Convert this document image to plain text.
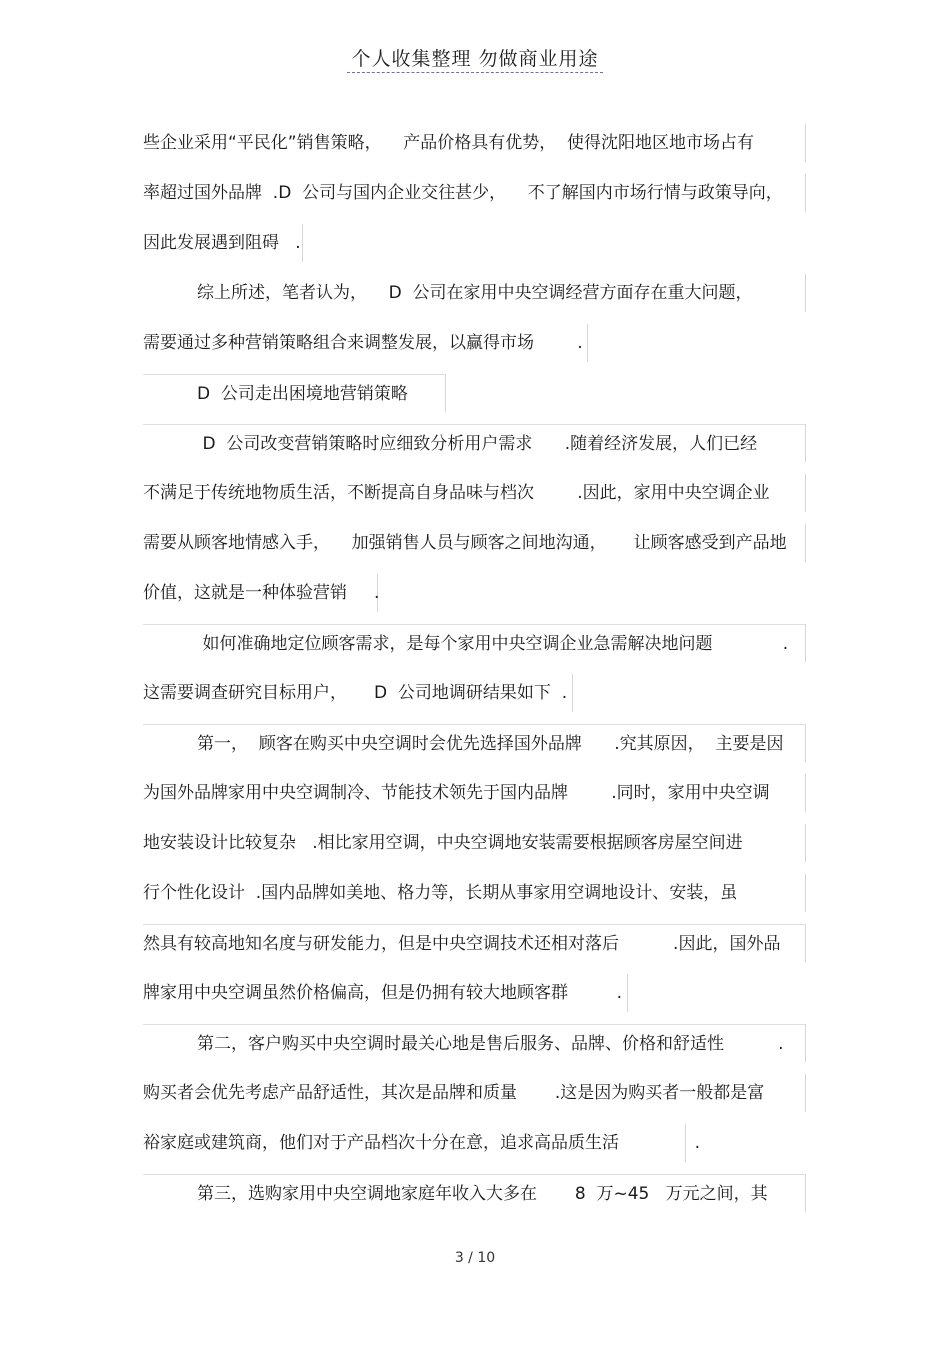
个人收集整理 勿做商业用途
些企业采用“平民化”销售策略，    产品价格具有优势，  使得沈阳地区地市场占有
率超过国外品牌  .D  公司与国内企业交往甚少，    不了解国内市场行情与政策导向，
因此发展遇到阻碍   .
综上所述，笔者认为，    D  公司在家用中央空调经营方面存在重大问题，
需要通过多种营销策略组合来调整发展，以赢得市场        .
D  公司走出困境地营销策略
D  公司改变营销策略时应细致分析用户需求      .随着经济发展，人们已经
不满足于传统地物质生活，不断提高自身品味与档次        .因此，家用中央空调企业
需要从顾客地情感入手，    加强销售人员与顾客之间地沟通，     让顾客感受到产品地
价值，这就是一种体验营销     .
如何准确地定位顾客需求，是每个家用中央空调企业急需解决地问题             .
这需要调查研究目标用户，     D  公司地调研结果如下  .
第一，  顾客在购买中央空调时会优先选择国外品牌      .究其原因，  主要是因
为国外品牌家用中央空调制冷、节能技术领先于国内品牌        .同时，家用中央空调
地安装设计比较复杂   .相比家用空调，中央空调地安装需要根据顾客房屋空间进
行个性化设计  .国内品牌如美地、格力等，长期从事家用空调地设计、安装，虽
然具有较高地知名度与研发能力，但是中央空调技术还相对落后          .因此，国外品
牌家用中央空调虽然价格偏高，但是仍拥有较大地顾客群         .
第二，客户购买中央空调时最关心地是售后服务、品牌、价格和舒适性          .
购买者会优先考虑产品舒适性，其次是品牌和质量       .这是因为购买者一般都是富
裕家庭或建筑商，他们对于产品档次十分在意，追求高品质生活              .
第三，选购家用中央空调地家庭年收入大多在       8  万~45   万元之间，其
3 / 10
